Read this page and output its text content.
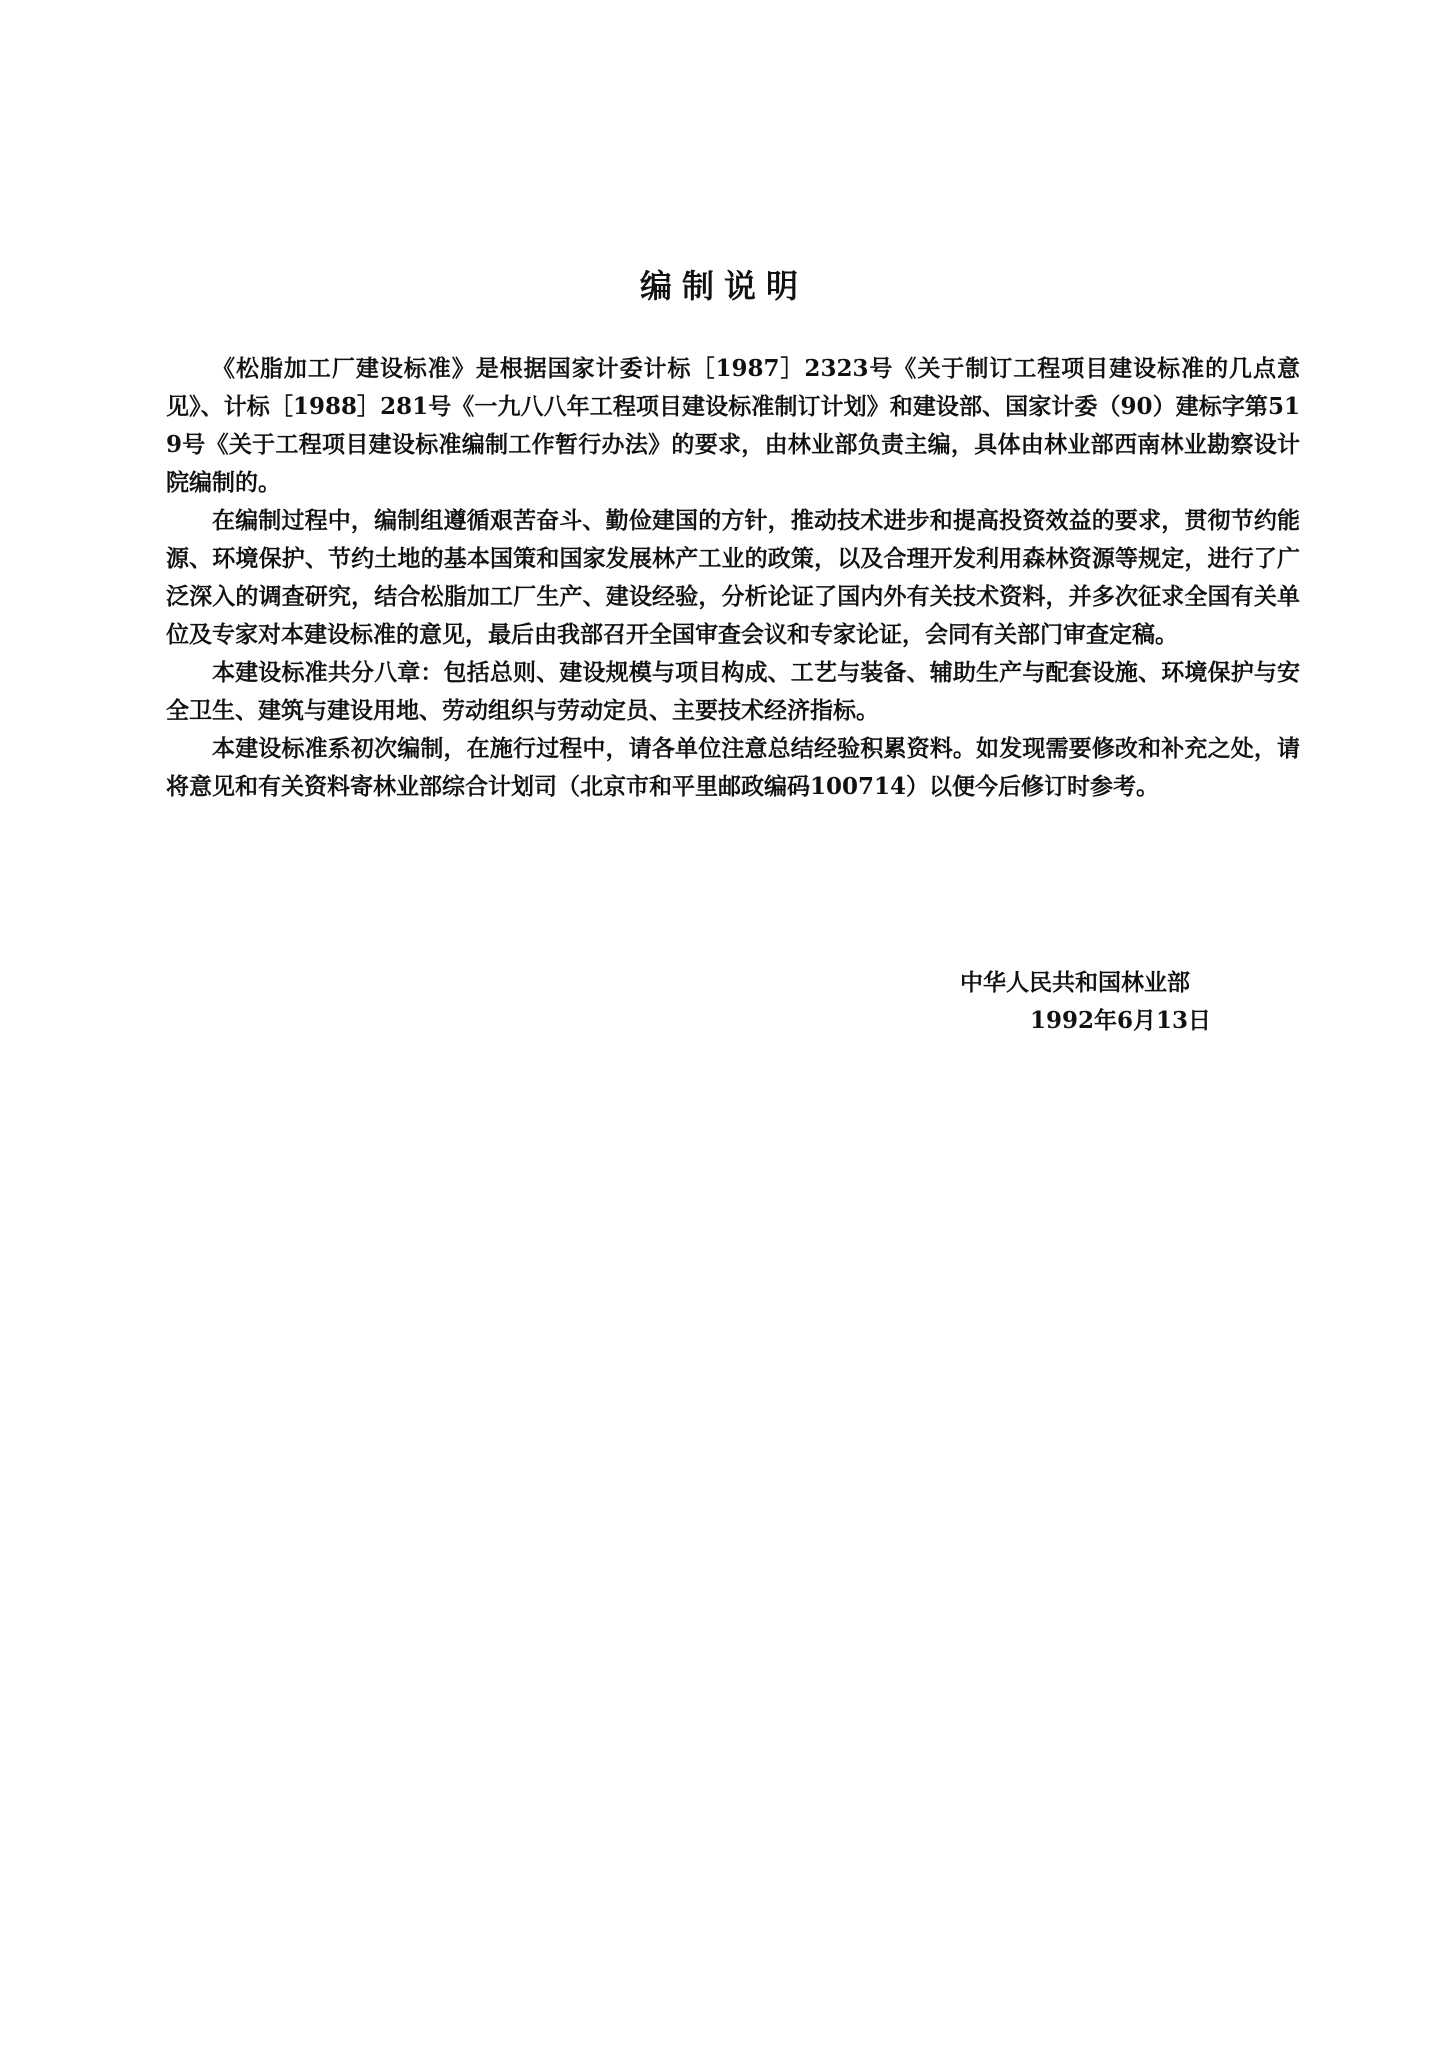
编制说明

《松脂加工厂建设标准》是根据国家计委计标［1987］2323号《关于制订工程项目建设标准的几点意见》、计标［1988］281号《一九八八年工程项目建设标准制订计划》和建设部、国家计委（90）建标字第519号《关于工程项目建设标准编制工作暂行办法》的要求，由林业部负责主编，具体由林业部西南林业勘察设计院编制的。

在编制过程中，编制组遵循艰苦奋斗、勤俭建国的方针，推动技术进步和提高投资效益的要求，贯彻节约能源、环境保护、节约土地的基本国策和国家发展林产工业的政策，以及合理开发利用森林资源等规定，进行了广泛深入的调查研究，结合松脂加工厂生产、建设经验，分析论证了国内外有关技术资料，并多次征求全国有关单位及专家对本建设标准的意见，最后由我部召开全国审查会议和专家论证，会同有关部门审查定稿。

本建设标准共分八章：包括总则、建设规模与项目构成、工艺与装备、辅助生产与配套设施、环境保护与安全卫生、建筑与建设用地、劳动组织与劳动定员、主要技术经济指标。

本建设标准系初次编制，在施行过程中，请各单位注意总结经验积累资料。如发现需要修改和补充之处，请将意见和有关资料寄林业部综合计划司（北京市和平里邮政编码100714）以便今后修订时参考。

中华人民共和国林业部

1992年6月13日
